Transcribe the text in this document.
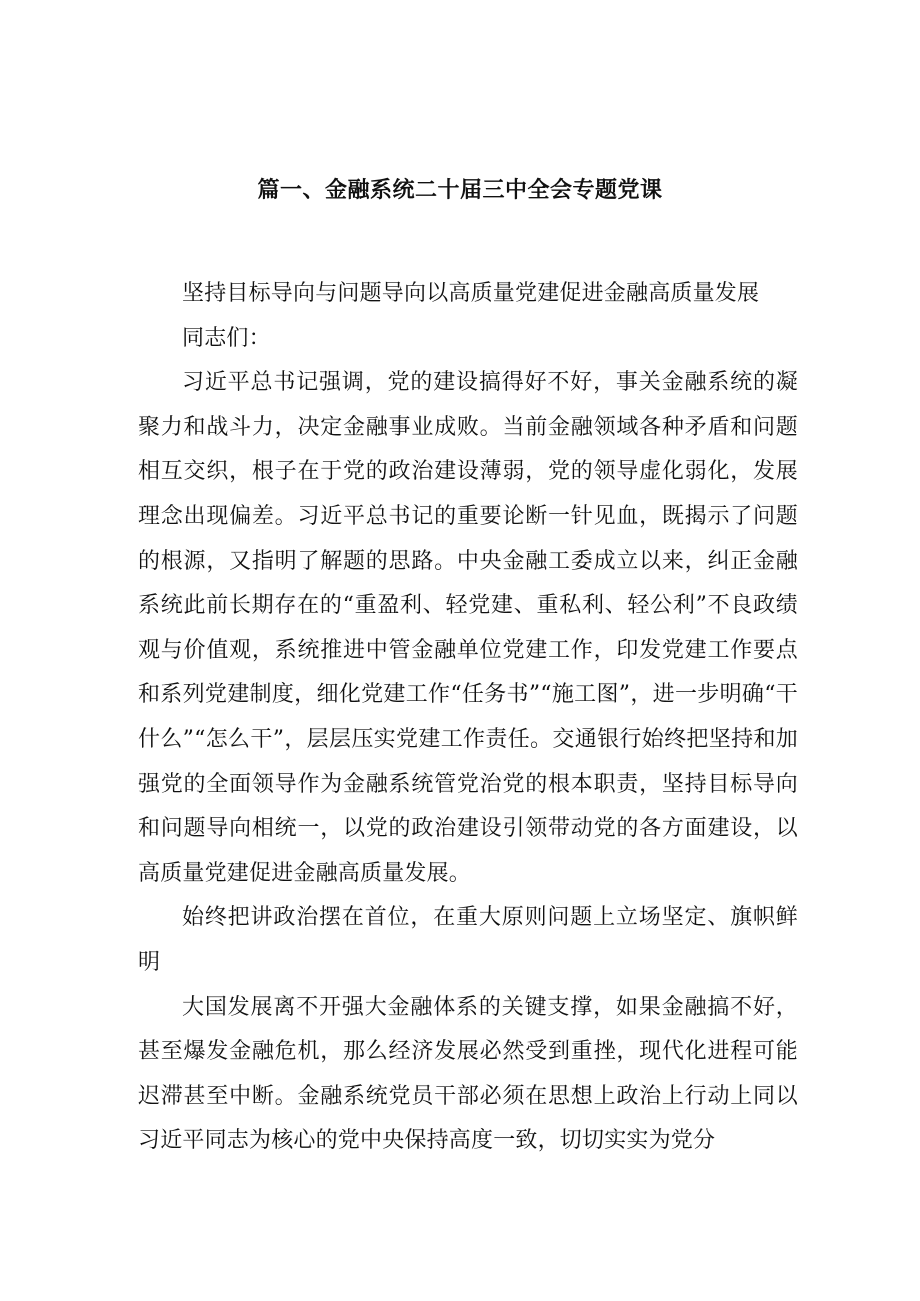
篇一、金融系统二十届三中全会专题党课

坚持目标导向与问题导向以高质量党建促进金融高质量发展

同志们：

习近平总书记强调，党的建设搞得好不好，事关金融系统的凝聚力和战斗力，决定金融事业成败。当前金融领域各种矛盾和问题相互交织，根子在于党的政治建设薄弱，党的领导虚化弱化，发展理念出现偏差。习近平总书记的重要论断一针见血，既揭示了问题的根源，又指明了解题的思路。中央金融工委成立以来，纠正金融系统此前长期存在的“重盈利、轻党建、重私利、轻公利”不良政绩观与价值观，系统推进中管金融单位党建工作，印发党建工作要点和系列党建制度，细化党建工作“任务书”“施工图”，进一步明确“干什么”“怎么干”，层层压实党建工作责任。交通银行始终把坚持和加强党的全面领导作为金融系统管党治党的根本职责，坚持目标导向和问题导向相统一，以党的政治建设引领带动党的各方面建设，以高质量党建促进金融高质量发展。

始终把讲政治摆在首位，在重大原则问题上立场坚定、旗帜鲜明

大国发展离不开强大金融体系的关键支撑，如果金融搞不好，甚至爆发金融危机，那么经济发展必然受到重挫，现代化进程可能迟滞甚至中断。金融系统党员干部必须在思想上政治上行动上同以习近平同志为核心的党中央保持高度一致，切切实实为党分
